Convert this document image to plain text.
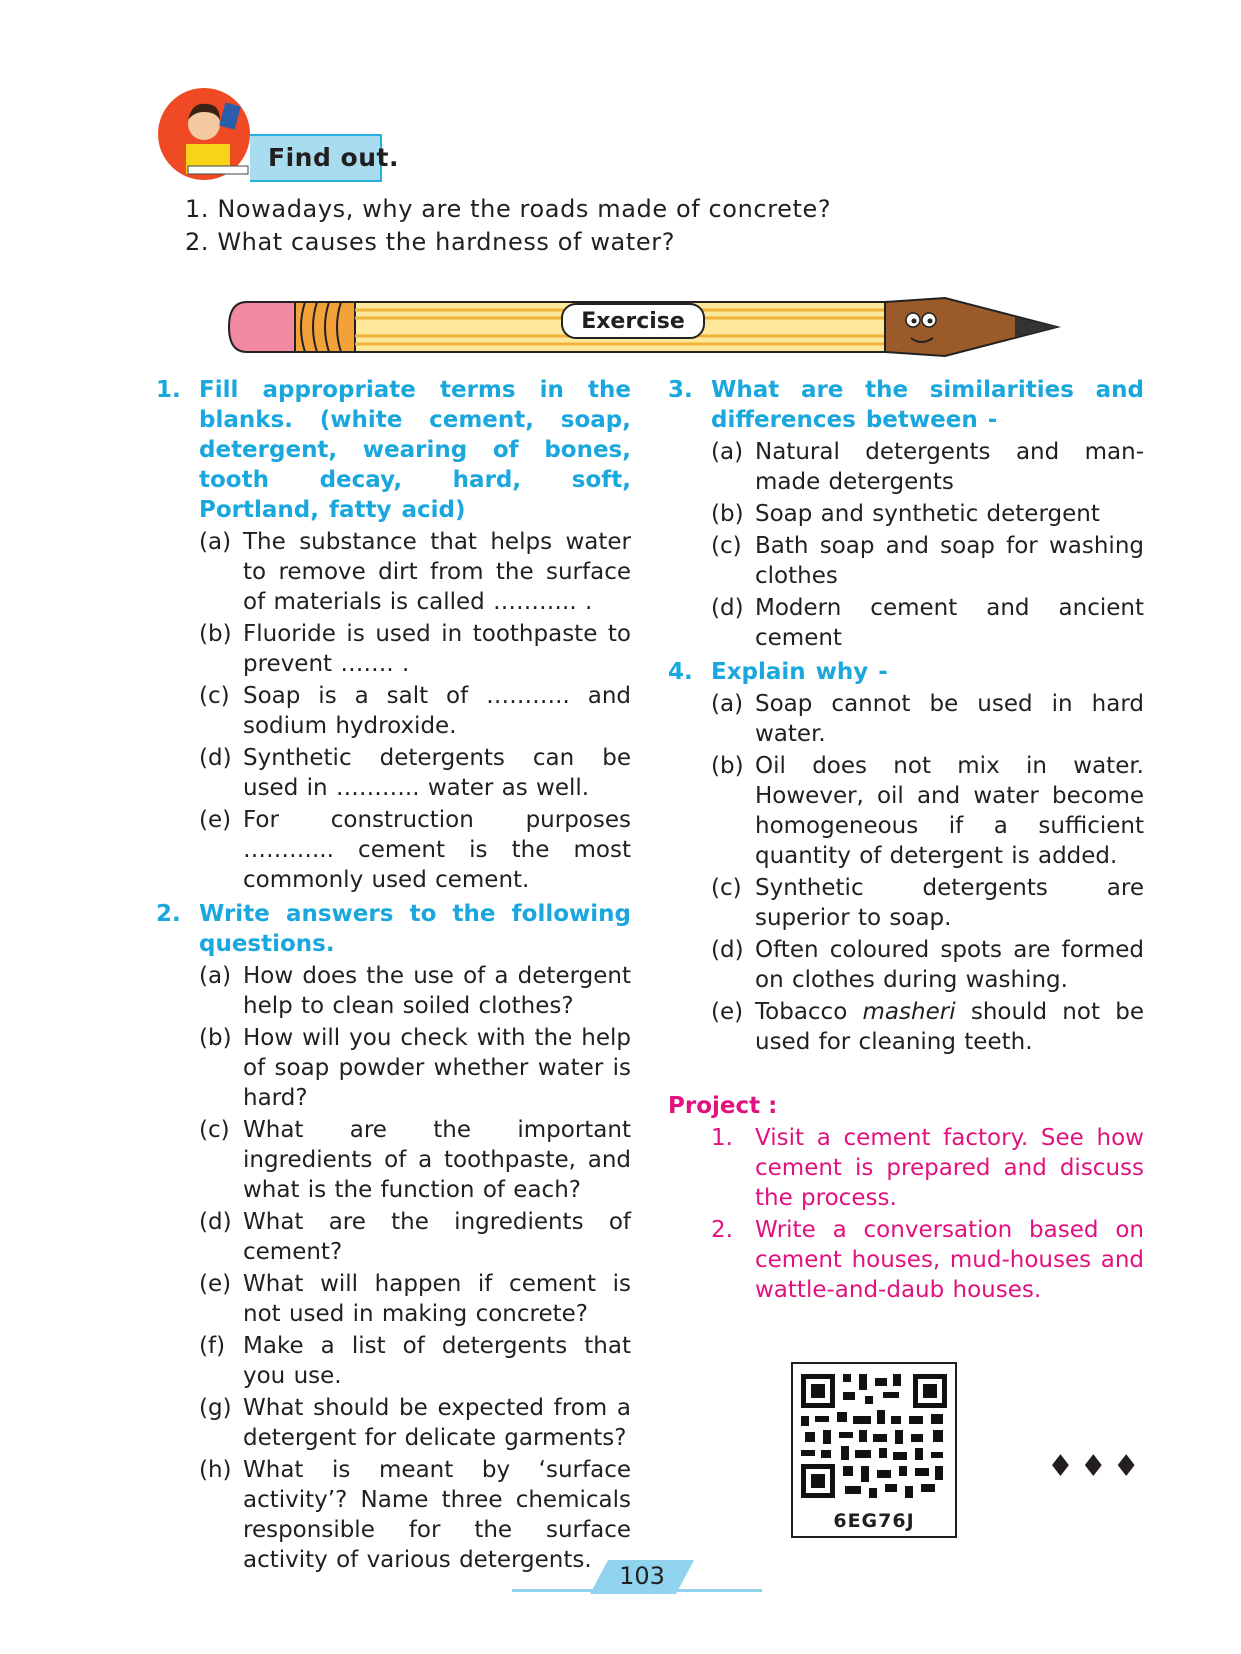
Find out.
1. Nowadays, why are the roads made of concrete?
2. What causes the hardness of water?
Exercise
1. Fill appropriate terms in the blanks. (white cement, soap, detergent, wearing of bones, tooth decay, hard, soft, Portland, fatty acid)
(a) The substance that helps water to remove dirt from the surface of materials is called ……….. .
(b) Fluoride is used in toothpaste to prevent ……. .
(c) Soap is a salt of ……….. and sodium hydroxide.
(d) Synthetic detergents can be used in ……….. water as well.
(e) For construction purposes ………... cement is the most commonly used cement.
2. Write answers to the following questions.
(a) How does the use of a detergent help to clean soiled clothes?
(b) How will you check with the help of soap powder whether water is hard?
(c) What are the important ingredients of a toothpaste, and what is the function of each?
(d) What are the ingredients of cement?
(e) What will happen if cement is not used in making concrete?
(f) Make a list of detergents that you use.
(g) What should be expected from a detergent for delicate garments?
(h) What is meant by ‘surface activity’? Name three chemicals responsible for the surface activity of various detergents.
3. What are the similarities and differences between -
(a) Natural detergents and man-made detergents
(b) Soap and synthetic detergent
(c) Bath soap and soap for washing clothes
(d) Modern cement and ancient cement
4. Explain why -
(a) Soap cannot be used in hard water.
(b) Oil does not mix in water. However, oil and water become homogeneous if a sufficient quantity of detergent is added.
(c) Synthetic detergents are superior to soap.
(d) Often coloured spots are formed on clothes during washing.
(e) Tobacco masheri should not be used for cleaning teeth.
Project :
1. Visit a cement factory. See how cement is prepared and discuss the process.
2. Write a conversation based on cement houses, mud-houses and wattle-and-daub houses.
6EG76J
♦♦♦
103
